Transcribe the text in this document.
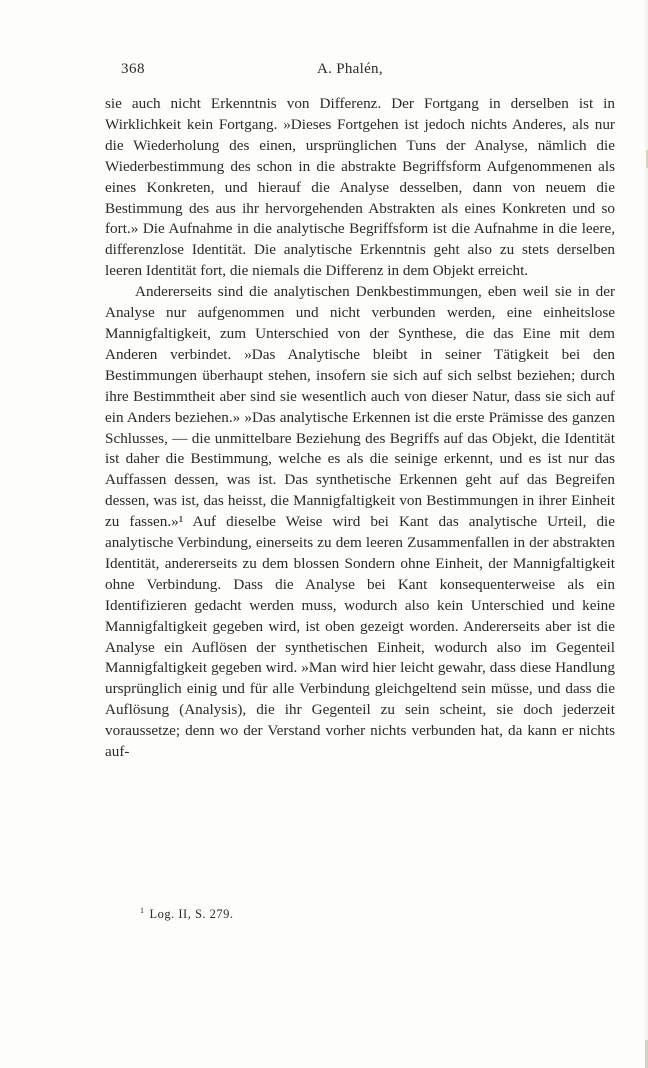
368	A. Phalén,

sie auch nicht Erkenntnis von Differenz. Der Fortgang in derselben ist in Wirklichkeit kein Fortgang. »Dieses Fortgehen ist jedoch nichts Anderes, als nur die Wiederholung des einen, ursprünglichen Tuns der Analyse, nämlich die Wiederbestimmung des schon in die abstrakte Begriffsform Aufgenommenen als eines Konkreten, und hierauf die Analyse desselben, dann von neuem die Bestimmung des aus ihr hervorgehenden Abstrakten als eines Konkreten und so fort.» Die Aufnahme in die analytische Begriffsform ist die Aufnahme in die leere, differenzlose Identität. Die analytische Erkenntnis geht also zu stets derselben leeren Identität fort, die niemals die Differenz in dem Objekt erreicht.

Andererseits sind die analytischen Denkbestimmungen, eben weil sie in der Analyse nur aufgenommen und nicht verbunden werden, eine einheitslose Mannigfaltigkeit, zum Unterschied von der Synthese, die das Eine mit dem Anderen verbindet. »Das Analytische bleibt in seiner Tätigkeit bei den Bestimmungen überhaupt stehen, insofern sie sich auf sich selbst beziehen; durch ihre Bestimmtheit aber sind sie wesentlich auch von dieser Natur, dass sie sich auf ein Anders beziehen.» »Das analytische Erkennen ist die erste Prämisse des ganzen Schlusses, — die unmittelbare Beziehung des Begriffs auf das Objekt, die Identität ist daher die Bestimmung, welche es als die seinige erkennt, und es ist nur das Auffassen dessen, was ist. Das synthetische Erkennen geht auf das Begreifen dessen, was ist, das heisst, die Mannigfaltigkeit von Bestimmungen in ihrer Einheit zu fassen.»¹ Auf dieselbe Weise wird bei Kant das analytische Urteil, die analytische Verbindung, einerseits zu dem leeren Zusammenfallen in der abstrakten Identität, andererseits zu dem blossen Sondern ohne Einheit, der Mannigfaltigkeit ohne Verbindung. Dass die Analyse bei Kant konsequenterweise als ein Identifizieren gedacht werden muss, wodurch also kein Unterschied und keine Mannigfaltigkeit gegeben wird, ist oben gezeigt worden. Andererseits aber ist die Analyse ein Auflösen der synthetischen Einheit, wodurch also im Gegenteil Mannigfaltigkeit gegeben wird. »Man wird hier leicht gewahr, dass diese Handlung ursprünglich einig und für alle Verbindung gleichgeltend sein müsse, und dass die Auflösung (Analysis), die ihr Gegenteil zu sein scheint, sie doch jederzeit voraussetze; denn wo der Verstand vorher nichts verbunden hat, da kann er nichts auf-

$^1$ Log. II, S. 279.
